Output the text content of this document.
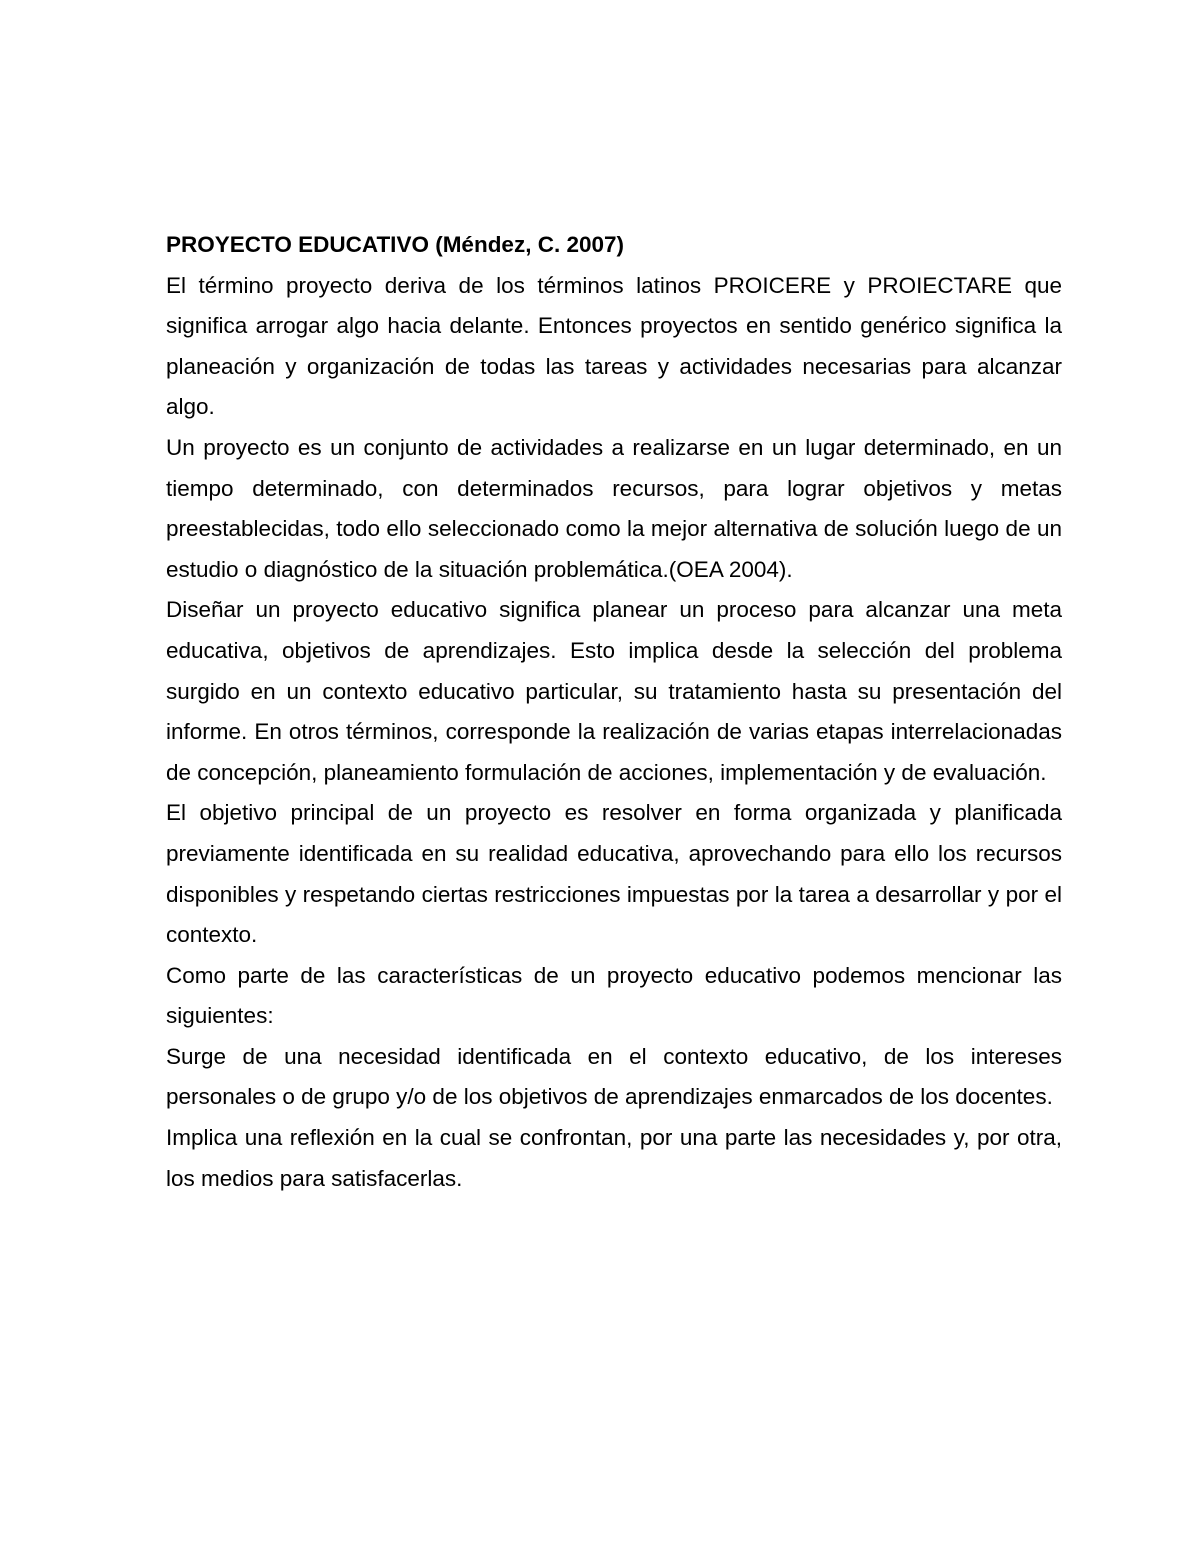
PROYECTO EDUCATIVO (Méndez, C. 2007)

El término proyecto deriva de los términos latinos PROICERE y PROIECTARE que significa arrogar algo hacia delante. Entonces proyectos en sentido genérico significa la planeación y organización de todas las tareas y actividades necesarias para alcanzar algo.

Un proyecto es un conjunto de actividades a realizarse en un lugar determinado, en un tiempo determinado, con determinados recursos, para lograr objetivos y metas preestablecidas, todo ello seleccionado como la mejor alternativa de solución luego de un estudio o diagnóstico de la situación problemática.(OEA 2004).

Diseñar un proyecto educativo significa planear un proceso para alcanzar una meta educativa, objetivos de aprendizajes. Esto implica desde la selección del problema surgido en un contexto educativo particular, su tratamiento hasta su presentación del informe. En otros términos, corresponde la realización de varias etapas interrelacionadas de concepción, planeamiento formulación de acciones, implementación y de evaluación.

El objetivo principal de un proyecto es resolver en forma organizada y planificada previamente identificada en su realidad educativa, aprovechando para ello los recursos disponibles y respetando ciertas restricciones impuestas por la tarea a desarrollar y por el contexto.

Como parte de las características de un proyecto educativo podemos mencionar las siguientes:

Surge de una necesidad identificada en el contexto educativo, de los intereses personales o de grupo y/o de los objetivos de aprendizajes enmarcados de los docentes.

Implica una reflexión en la cual se confrontan, por una parte las necesidades y, por otra, los medios para satisfacerlas.
